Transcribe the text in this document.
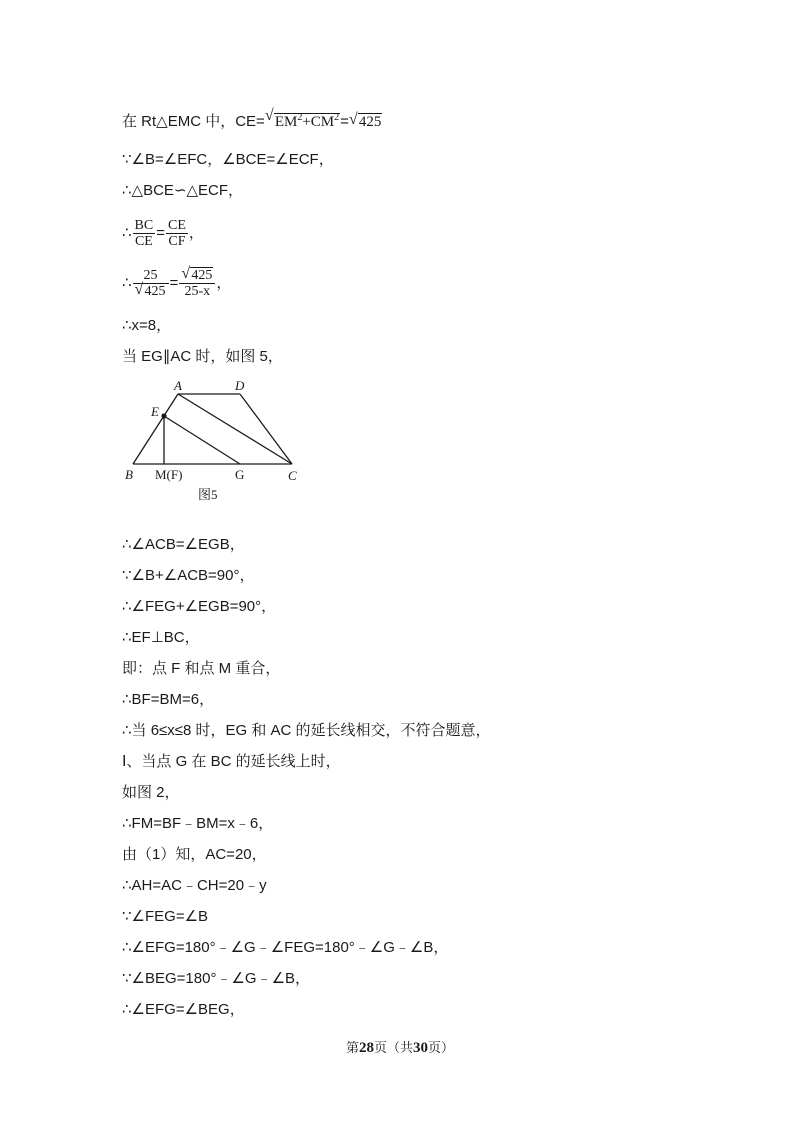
在 Rt△EMC 中，CE= √ $EM^2+CM^2=$ √ 425
∵∠B=∠EFC，∠BCE=∠ECF，
∴△BCE∽△ECF，
∴ $\frac{BC}{CE} = \frac{CE}{CF}$ ，
∴ $\frac{25}{√ 425} = \frac{√ 425}{25-x}$ ，
∴x=8，
当 EG∥AC 时，如图 5，
A	D
E
B M(F)	G	C
图5
∴∠ACB=∠EGB，
∵∠B+∠ACB=90°，
∴∠FEG+∠EGB=90°，
∴EF⊥BC，
即：点 F 和点 M 重合，
∴BF=BM=6，
∴当 6≤x≤8 时，EG 和 AC 的延长线相交，不符合题意，
Ⅰ、当点 G 在 BC 的延长线上时，
如图 2，
∴FM=BF﹣BM=x﹣6，
由（1）知，AC=20，
∴AH=AC﹣CH=20﹣y
∵∠FEG=∠B
∴∠EFG=180°﹣∠G﹣∠FEG=180°﹣∠G﹣∠B，
∵∠BEG=180°﹣∠G﹣∠B，
∴∠EFG=∠BEG，
第28页（共30页）
